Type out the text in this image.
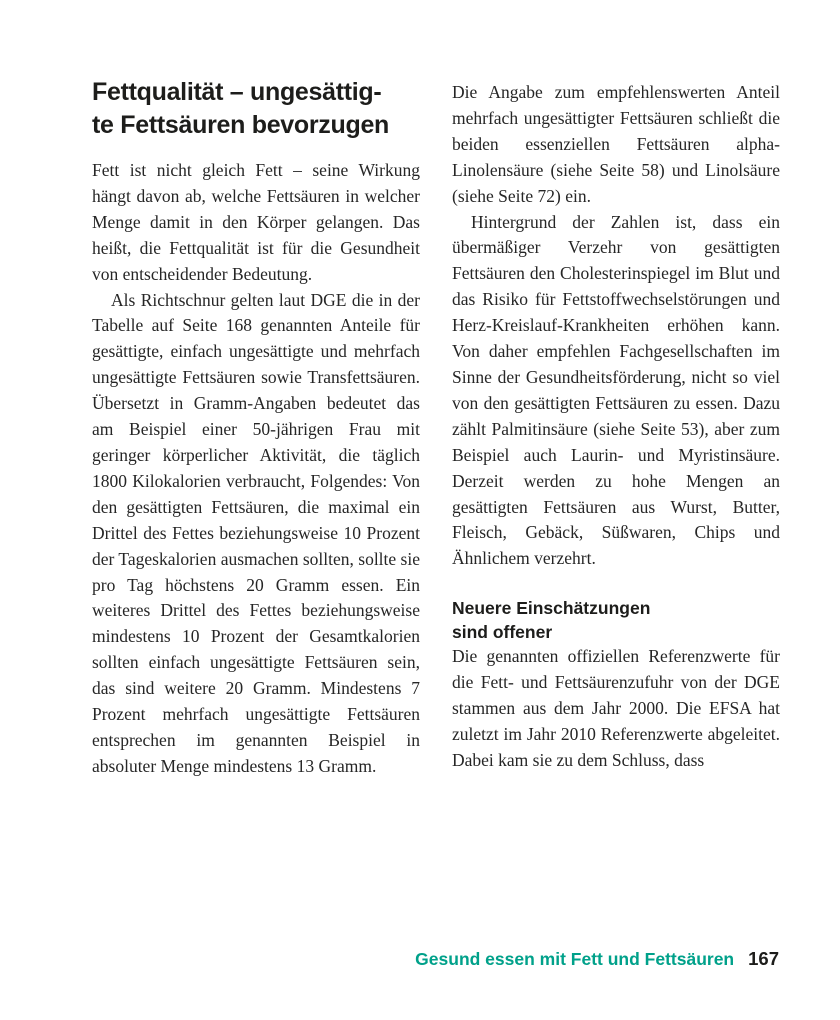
Fettqualität – ungesättig-
te Fettsäuren bevorzugen

Fett ist nicht gleich Fett – seine Wirkung hängt davon ab, welche Fettsäuren in welcher Menge damit in den Körper gelangen. Das heißt, die Fettqualität ist für die Gesundheit von entscheidender Bedeutung.

Als Richtschnur gelten laut DGE die in der Tabelle auf Seite 168 genannten Anteile für gesättigte, einfach ungesättigte und mehrfach ungesättigte Fettsäuren sowie Transfettsäuren. Übersetzt in Gramm-Angaben bedeutet das am Beispiel einer 50-jährigen Frau mit geringer körperlicher Aktivität, die täglich 1800 Kilokalorien verbraucht, Folgendes: Von den gesättigten Fettsäuren, die maximal ein Drittel des Fettes beziehungsweise 10 Prozent der Tageskalorien ausmachen sollten, sollte sie pro Tag höchstens 20 Gramm essen. Ein weiteres Drittel des Fettes beziehungsweise mindestens 10 Prozent der Gesamtkalorien sollten einfach ungesättigte Fettsäuren sein, das sind weitere 20 Gramm. Mindestens 7 Prozent mehrfach ungesättigte Fettsäuren entsprechen im genannten Beispiel in absoluter Menge mindestens 13 Gramm.

Die Angabe zum empfehlenswerten Anteil mehrfach ungesättigter Fettsäuren schließt die beiden essenziellen Fettsäuren alpha-Linolensäure (siehe Seite 58) und Linolsäure (siehe Seite 72) ein.

Hintergrund der Zahlen ist, dass ein übermäßiger Verzehr von gesättigten Fettsäuren den Cholesterinspiegel im Blut und das Risiko für Fettstoffwechselstörungen und Herz-Kreislauf-Krankheiten erhöhen kann. Von daher empfehlen Fachgesellschaften im Sinne der Gesundheitsförderung, nicht so viel von den gesättigten Fettsäuren zu essen. Dazu zählt Palmitinsäure (siehe Seite 53), aber zum Beispiel auch Laurin- und Myristinsäure. Derzeit werden zu hohe Mengen an gesättigten Fettsäuren aus Wurst, Butter, Fleisch, Gebäck, Süßwaren, Chips und Ähnlichem verzehrt.

Neuere Einschätzungen
sind offener

Die genannten offiziellen Referenzwerte für die Fett- und Fettsäurenzufuhr von der DGE stammen aus dem Jahr 2000. Die EFSA hat zuletzt im Jahr 2010 Referenzwerte abgeleitet. Dabei kam sie zu dem Schluss, dass

Gesund essen mit Fett und Fettsäuren 167
